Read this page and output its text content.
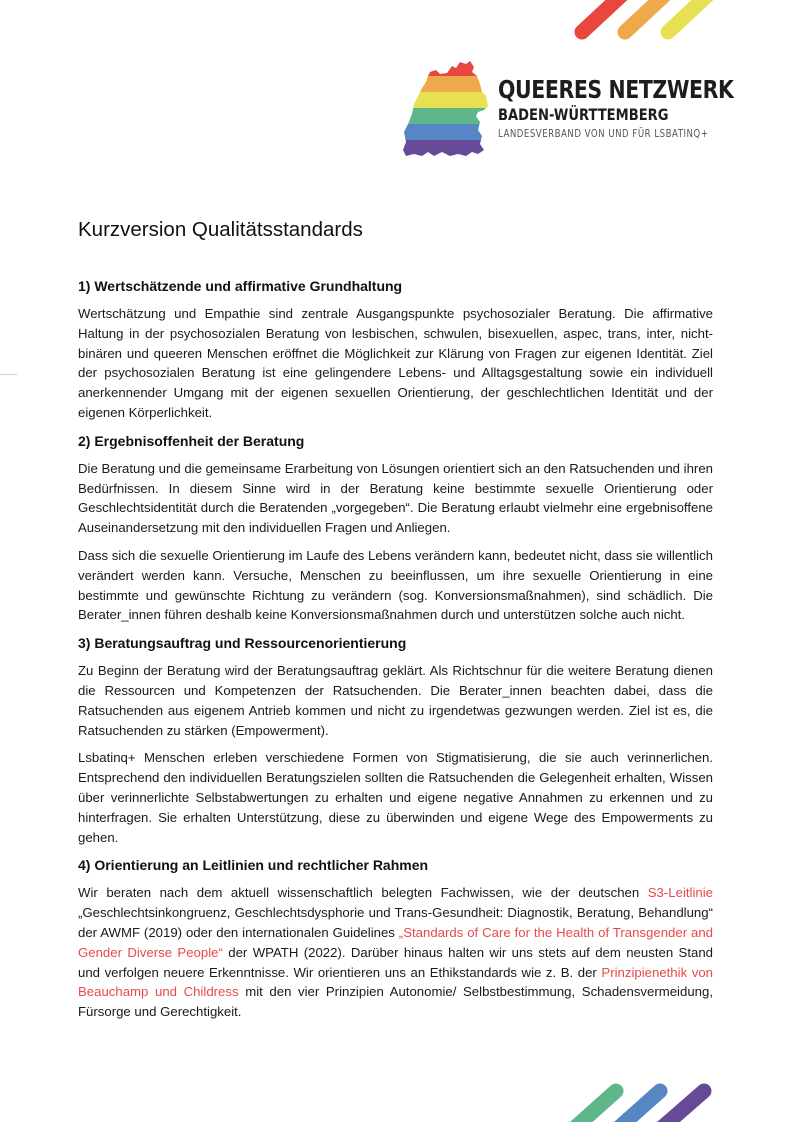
QUEERES NETZWERK
BADEN-WÜRTTEMBERG
LANDESVERBAND VON UND FÜR LSBATINQ+
Kurzversion Qualitätsstandards
1) Wertschätzende und affirmative Grundhaltung

Wertschätzung und Empathie sind zentrale Ausgangspunkte psychosozialer Beratung. Die affirmative Haltung in der psychosozialen Beratung von lesbischen, schwulen, bisexuellen, aspec, trans, inter, nicht-binären und queeren Menschen eröffnet die Möglichkeit zur Klärung von Fragen zur eigenen Identität. Ziel der psychosozialen Beratung ist eine gelingendere Lebens- und Alltagsgestaltung sowie ein individuell anerkennender Umgang mit der eigenen sexuellen Orientierung, der geschlechtlichen Identität und der eigenen Körperlichkeit.

2) Ergebnisoffenheit der Beratung

Die Beratung und die gemeinsame Erarbeitung von Lösungen orientiert sich an den Ratsuchenden und ihren Bedürfnissen. In diesem Sinne wird in der Beratung keine bestimmte sexuelle Orientierung oder Geschlechtsidentität durch die Beratenden „vorgegeben“. Die Beratung erlaubt vielmehr eine ergebnisoffene Auseinandersetzung mit den individuellen Fragen und Anliegen.

Dass sich die sexuelle Orientierung im Laufe des Lebens verändern kann, bedeutet nicht, dass sie willentlich verändert werden kann. Versuche, Menschen zu beeinflussen, um ihre sexuelle Orientierung in eine bestimmte und gewünschte Richtung zu verändern (sog. Konversionsmaßnahmen), sind schädlich. Die Berater_innen führen deshalb keine Konversionsmaßnahmen durch und unterstützen solche auch nicht.

3) Beratungsauftrag und Ressourcenorientierung

Zu Beginn der Beratung wird der Beratungsauftrag geklärt. Als Richtschnur für die weitere Beratung dienen die Ressourcen und Kompetenzen der Ratsuchenden. Die Berater_innen beachten dabei, dass die Ratsuchenden aus eigenem Antrieb kommen und nicht zu irgendetwas gezwungen werden. Ziel ist es, die Ratsuchenden zu stärken (Empowerment).

Lsbatinq+ Menschen erleben verschiedene Formen von Stigmatisierung, die sie auch verinnerlichen. Entsprechend den individuellen Beratungszielen sollten die Ratsuchenden die Gelegenheit erhalten, Wissen über verinnerlichte Selbstabwertungen zu erhalten und eigene negative Annahmen zu erkennen und zu hinterfragen. Sie erhalten Unterstützung, diese zu überwinden und eigene Wege des Empowerments zu gehen.

4) Orientierung an Leitlinien und rechtlicher Rahmen

Wir beraten nach dem aktuell wissenschaftlich belegten Fachwissen, wie der deutschen S3-Leitlinie „Geschlechtsinkongruenz, Geschlechtsdysphorie und Trans-Gesundheit: Diagnostik, Beratung, Behandlung“ der AWMF (2019) oder den internationalen Guidelines „Standards of Care for the Health of Transgender and Gender Diverse People“ der WPATH (2022). Darüber hinaus halten wir uns stets auf dem neusten Stand und verfolgen neuere Erkenntnisse. Wir orientieren uns an Ethikstandards wie z. B. der Prinzipienethik von Beauchamp und Childress mit den vier Prinzipien Autonomie/ Selbstbestimmung, Schadensvermeidung, Fürsorge und Gerechtigkeit.
